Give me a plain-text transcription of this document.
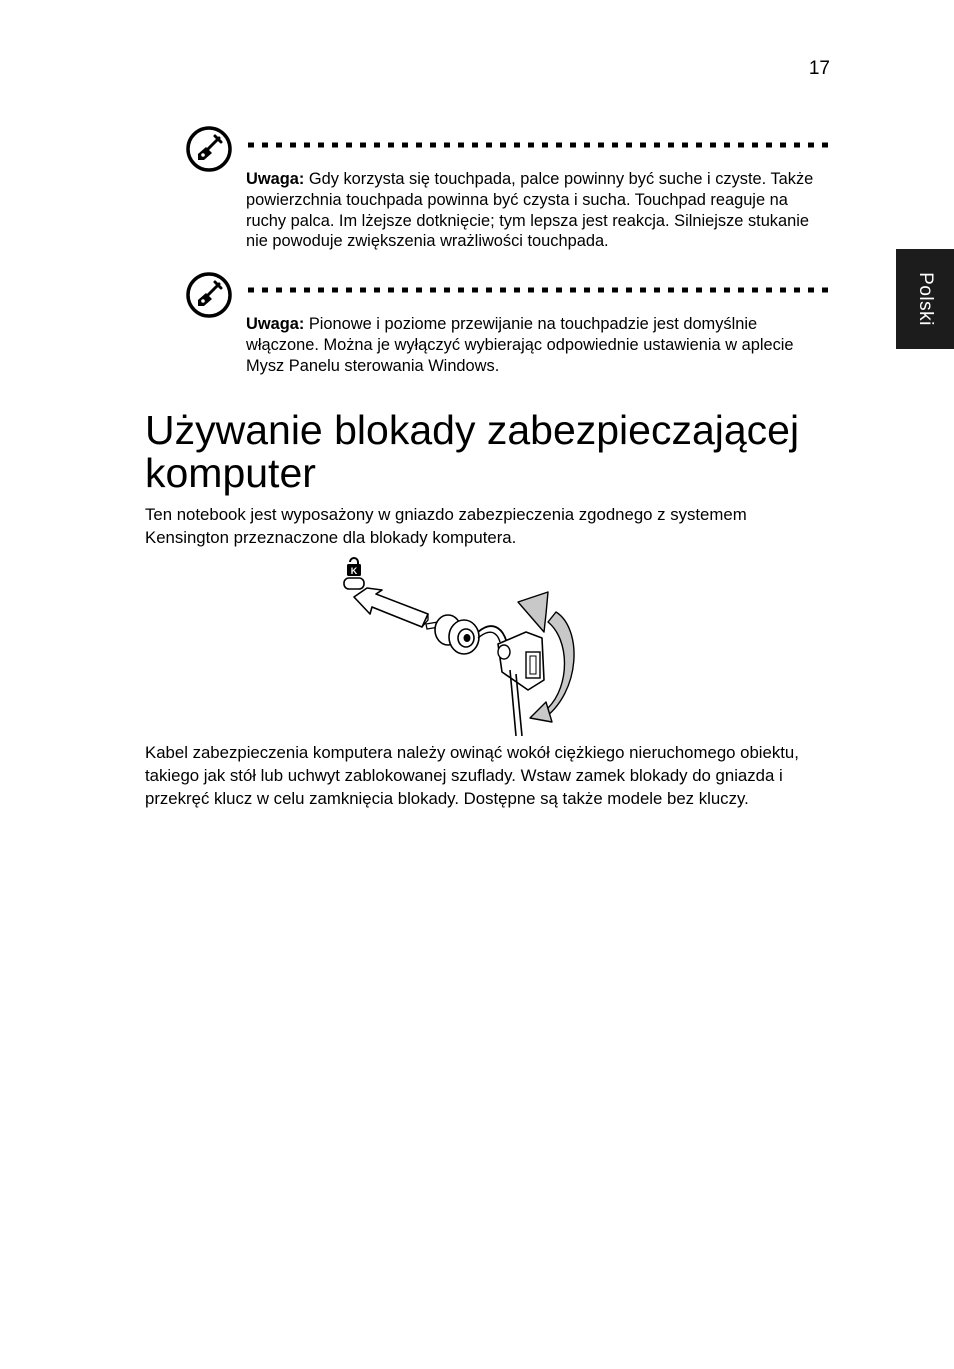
17
Polski
Uwaga: Gdy korzysta się touchpada, palce powinny być suche i czyste. Także powierzchnia touchpada powinna być czysta i sucha. Touchpad reaguje na ruchy palca. Im lżejsze dotknięcie; tym lepsza jest reakcja. Silniejsze stukanie nie powoduje zwiększenia wrażliwości touchpada.
Uwaga: Pionowe i poziome przewijanie na touchpadzie jest domyślnie włączone. Można je wyłączyć wybierając odpowiednie ustawienia w aplecie Mysz Panelu sterowania Windows.
Używanie blokady zabezpieczającej komputer

Ten notebook jest wyposażony w gniazdo zabezpieczenia zgodnego z systemem Kensington przeznaczone dla blokady komputera.

K

Kabel zabezpieczenia komputera należy owinąć wokół ciężkiego nieruchomego obiektu, takiego jak stół lub uchwyt zablokowanej szuflady. Wstaw zamek blokady do gniazda i przekręć klucz w celu zamknięcia blokady. Dostępne są także modele bez kluczy.
